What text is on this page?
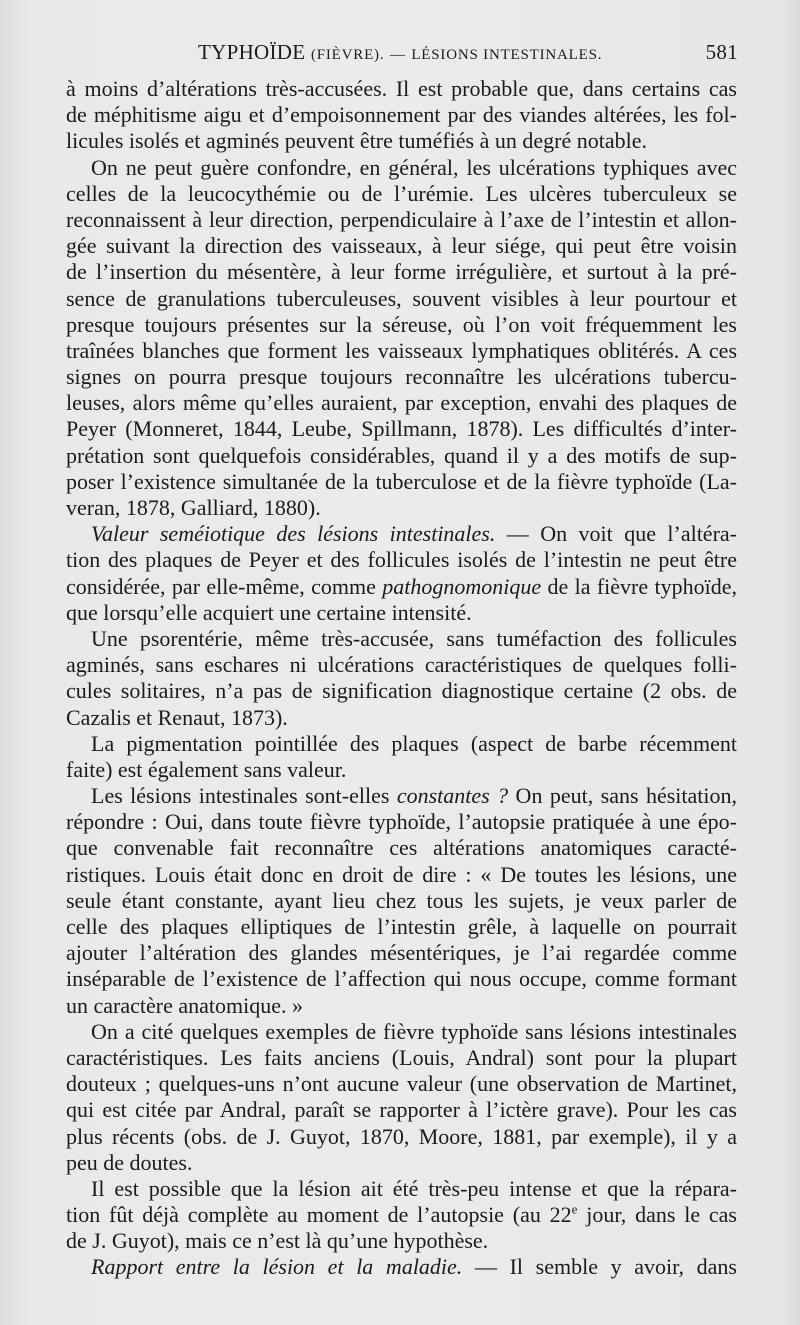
TYPHOÏDE (FIÈVRE). — LÉSIONS INTESTINALES.	581
à moins d’altérations très-accusées. Il est probable que, dans certains cas
de méphitisme aigu et d’empoisonnement par des viandes altérées, les fol-
licules isolés et agminés peuvent être tuméfiés à un degré notable.
On ne peut guère confondre, en général, les ulcérations typhiques avec
celles de la leucocythémie ou de l’urémie. Les ulcères tuberculeux se
reconnaissent à leur direction, perpendiculaire à l’axe de l’intestin et allon-
gée suivant la direction des vaisseaux, à leur siége, qui peut être voisin
de l’insertion du mésentère, à leur forme irrégulière, et surtout à la pré-
sence de granulations tuberculeuses, souvent visibles à leur pourtour et
presque toujours présentes sur la séreuse, où l’on voit fréquemment les
traînées blanches que forment les vaisseaux lymphatiques oblitérés. A ces
signes on pourra presque toujours reconnaître les ulcérations tubercu-
leuses, alors même qu’elles auraient, par exception, envahi des plaques de
Peyer (Monneret, 1844, Leube, Spillmann, 1878). Les difficultés d’inter-
prétation sont quelquefois considérables, quand il y a des motifs de sup-
poser l’existence simultanée de la tuberculose et de la fièvre typhoïde (La-
veran, 1878, Galliard, 1880).
Valeur seméiotique des lésions intestinales. — On voit que l’altéra-
tion des plaques de Peyer et des follicules isolés de l’intestin ne peut être
considérée, par elle-même, comme pathognomonique de la fièvre typhoïde,
que lorsqu’elle acquiert une certaine intensité.
Une psorentérie, même très-accusée, sans tuméfaction des follicules
agminés, sans eschares ni ulcérations caractéristiques de quelques folli-
cules solitaires, n’a pas de signification diagnostique certaine (2 obs. de
Cazalis et Renaut, 1873).
La pigmentation pointillée des plaques (aspect de barbe récemment
faite) est également sans valeur.
Les lésions intestinales sont-elles constantes ? On peut, sans hésitation,
répondre : Oui, dans toute fièvre typhoïde, l’autopsie pratiquée à une épo-
que convenable fait reconnaître ces altérations anatomiques caracté-
ristiques. Louis était donc en droit de dire : « De toutes les lésions, une
seule étant constante, ayant lieu chez tous les sujets, je veux parler de
celle des plaques elliptiques de l’intestin grêle, à laquelle on pourrait
ajouter l’altération des glandes mésentériques, je l’ai regardée comme
inséparable de l’existence de l’affection qui nous occupe, comme formant
un caractère anatomique. »
On a cité quelques exemples de fièvre typhoïde sans lésions intestinales
caractéristiques. Les faits anciens (Louis, Andral) sont pour la plupart
douteux ; quelques-uns n’ont aucune valeur (une observation de Martinet,
qui est citée par Andral, paraît se rapporter à l’ictère grave). Pour les cas
plus récents (obs. de J. Guyot, 1870, Moore, 1881, par exemple), il y a
peu de doutes.
Il est possible que la lésion ait été très-peu intense et que la répara-
tion fût déjà complète au moment de l’autopsie (au 22e jour, dans le cas
de J. Guyot), mais ce n’est là qu’une hypothèse.
Rapport entre la lésion et la maladie. — Il semble y avoir, dans
